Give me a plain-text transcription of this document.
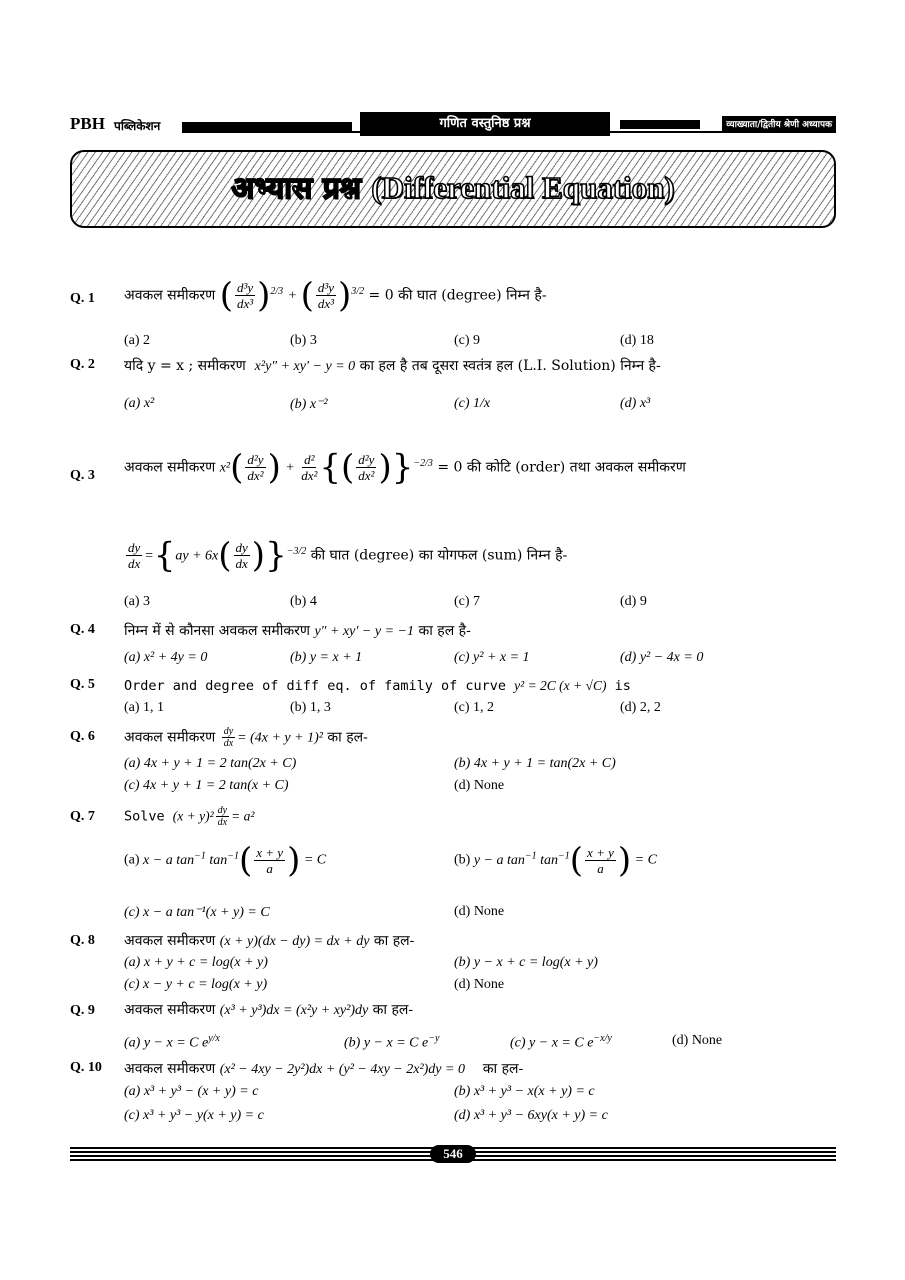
PBH पब्लिकेशन	गणित वस्तुनिष्ठ प्रश्न	व्याख्याता/द्वितीय श्रेणी अध्यापक
अभ्यास प्रश्न (Differential Equation)
Q. 1 अवकल समीकरण ( $\frac{\text{d³y}}{\text{dx³}} )^{2/3}$ + ( $\frac{\text{d³y}}{\text{dx³}} )^{3/2} = 0$ की घात (degree) निम्न है-
(a) 2	(b) 3	(c) 9	(d) 18
Q. 2 यदि y = x ; समीकरण x²y″ + xy′ − y = 0 का हल है तब दूसरा स्वतंत्र हल (L.I. Solution) निम्न है-
(a) x²	(b) x⁻²	(c) 1/x	(d) x³
Q. 3 अवकल समीकरण $x^2( \frac{\text{d²y}}{\text{dx²}}$ ) + $\frac{\text{d²}}{\text{dx²}}$ {( $\frac{\text{d²y}}{\text{dx²}} )\}^{-2/3} = 0$ की कोटि (order) तथा अवकल समीकरण
$\frac{dy}{dx} =\{ay + 6x( \frac{dy}{dx} )\}^{-3/2}$ की घात (degree) का योगफल (sum) निम्न है-
(a) 3	(b) 4	(c) 7	(d) 9
Q. 4 निम्न में से कौनसा अवकल समीकरण y″ + xy′ − y = −1 का हल है-
(a) x² + 4y = 0	(b) y = x + 1	(c) y² + x = 1	(d) y² − 4x = 0
Q. 5 Order and degree of diff eq. of family of curve y² = 2C (x + √C) is
(a) 1, 1	(b) 1, 3	(c) 1, 2	(d) 2, 2
Q. 6 अवकल समीकरण $\frac{dy}{dx} = (4x + y + 1)^2$ का हल-
(a) 4x + y + 1 = 2 tan(2x + C)	(b) 4x + y + 1 = tan(2x + C)
(c) 4x + y + 1 = 2 tan(x + C)	(d) None
Q. 7 Solve $(x + y)^2 \frac{dy}{dx} = a^2$
(a) x − a $\tan^{-1} \tan^{-1}( \frac{x + y}{a}$ ) = C	(b) y − a $\tan^{-1} \tan^{-1}( \frac{x + y}{a}$ ) = C
(c) x − a tan⁻¹(x + y) = C	(d) None
Q. 8 अवकल समीकरण (x + y)(dx − dy) = dx + dy का हल-
(a) x + y + c = log(x + y)	(b) y − x + c = log(x + y)
(c) x − y + c = log(x + y)	(d) None
Q. 9 अवकल समीकरण (x³ + y³)dx = (x²y + xy²)dy का हल-
(a) y − x = C $e^{y/x}$	(b) y − x = C $e^{-y}$	(c) y − x = C $e^{-x/y}$	(d) None
Q. 10 अवकल समीकरण (x² − 4xy − 2y²)dx + (y² − 4xy − 2x²)dy = 0 का हल-
(a) x³ + y³ − (x + y) = c	(b) x³ + y³ − x(x + y) = c
(c) x³ + y³ − y(x + y) = c	(d) x³ + y³ − 6xy(x + y) = c
546
